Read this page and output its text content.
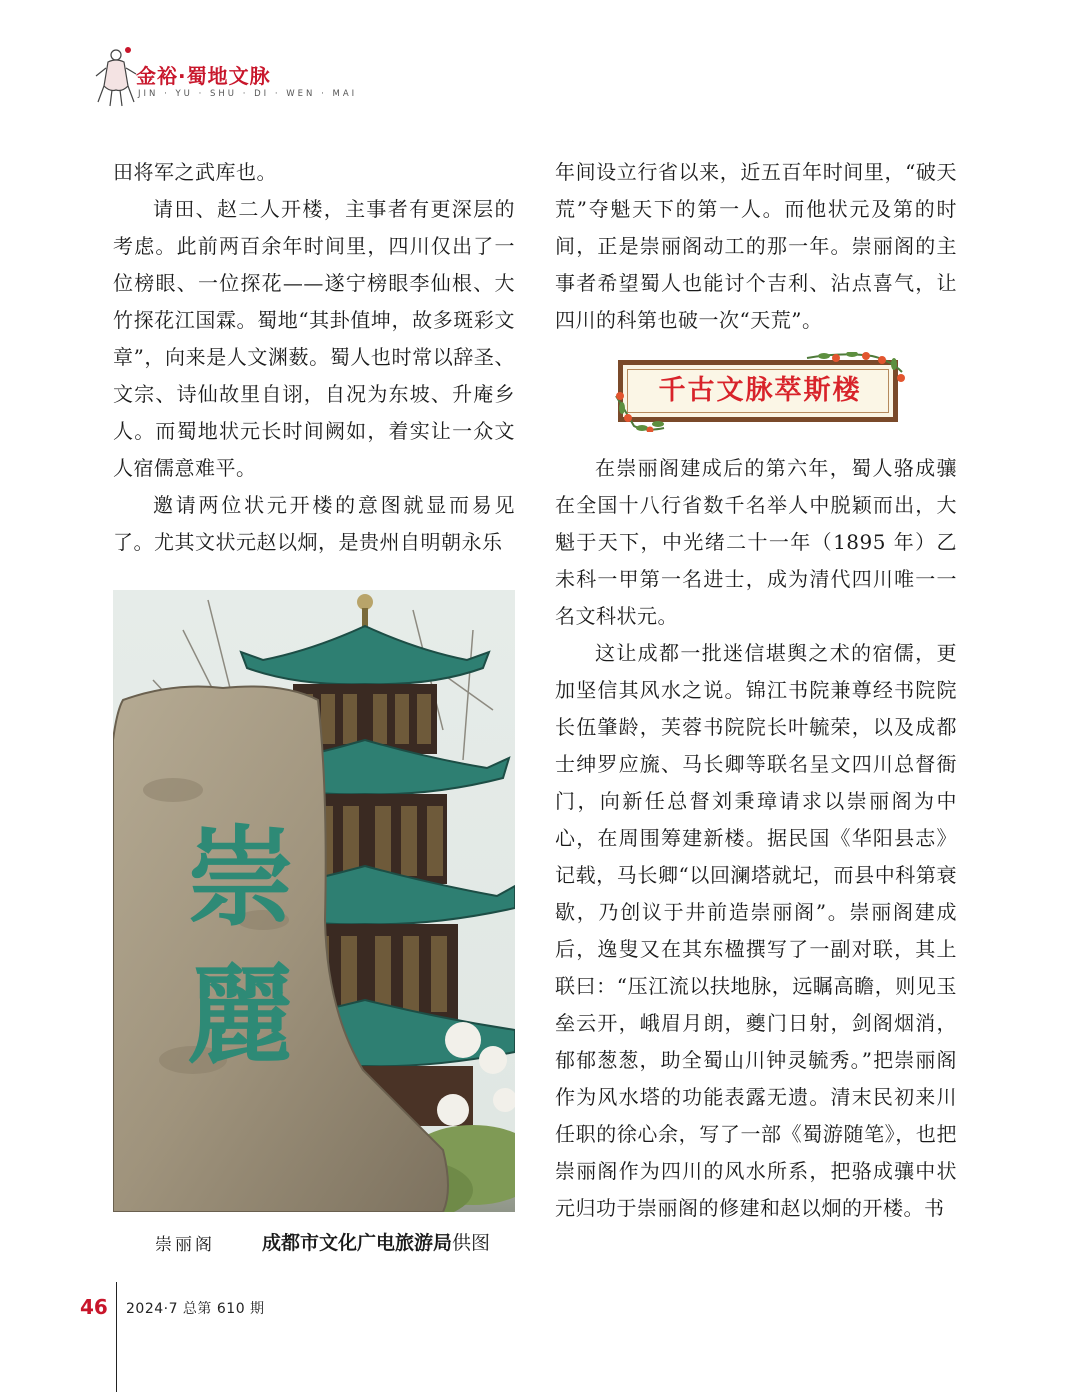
金裕·蜀地文脉
JIN · YU · SHU · DI · WEN · MAI

田将军之武库也。

请田、赵二人开楼，主事者有更深层的考虑。此前两百余年时间里，四川仅出了一位榜眼、一位探花——遂宁榜眼李仙根、大竹探花江国霖。蜀地“其卦值坤，故多斑彩文章”，向来是人文渊薮。蜀人也时常以辞圣、文宗、诗仙故里自诩，自况为东坡、升庵乡人。而蜀地状元长时间阙如，着实让一众文人宿儒意难平。

邀请两位状元开楼的意图就显而易见了。尤其文状元赵以炯，是贵州自明朝永乐

年间设立行省以来，近五百年时间里，“破天荒”夺魁天下的第一人。而他状元及第的时间，正是崇丽阁动工的那一年。崇丽阁的主事者希望蜀人也能讨个吉利、沾点喜气，让四川的科第也破一次“天荒”。

千古文脉萃斯楼

在崇丽阁建成后的第六年，蜀人骆成骧在全国十八行省数千名举人中脱颖而出，大魁于天下，中光绪二十一年（1895 年）乙未科一甲第一名进士，成为清代四川唯一一名文科状元。

这让成都一批迷信堪舆之术的宿儒，更加坚信其风水之说。锦江书院兼尊经书院院长伍肇龄，芙蓉书院院长叶毓荣，以及成都士绅罗应旒、马长卿等联名呈文四川总督衙门，向新任总督刘秉璋请求以崇丽阁为中心，在周围筹建新楼。据民国《华阳县志》记载，马长卿“以回澜塔就圮，而县中科第衰歇，乃创议于井前造崇丽阁”。崇丽阁建成后，逸叟又在其东楹撰写了一副对联，其上联曰：“压江流以扶地脉，远瞩高瞻，则见玉垒云开，峨眉月朗，夔门日射，剑阁烟消，郁郁葱葱，助全蜀山川钟灵毓秀。”把崇丽阁作为风水塔的功能表露无遗。清末民初来川任职的徐心余，写了一部《蜀游随笔》，也把崇丽阁作为四川的风水所系，把骆成骧中状元归功于崇丽阁的修建和赵以炯的开楼。书

崇麗
崇丽阁 成都市文化广电旅游局供图
46 2024·7 总第 610 期
